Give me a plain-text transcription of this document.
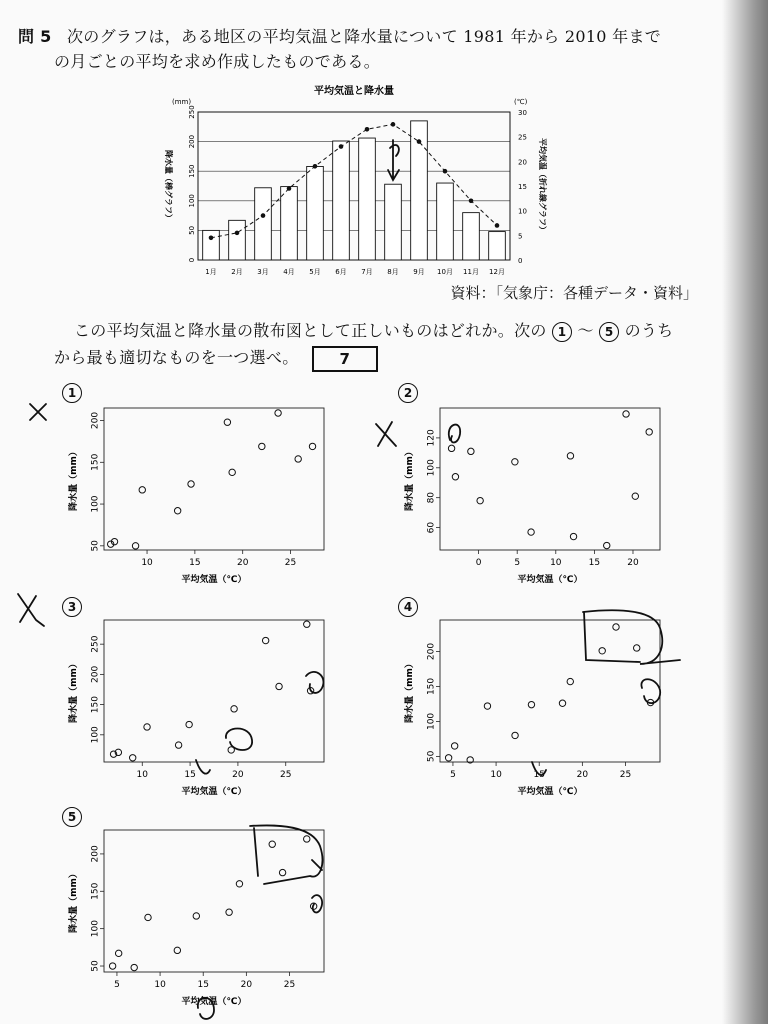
問 5 次のグラフは，ある地区の平均気温と降水量について 1981 年から 2010 年まで
の月ごとの平均を求め作成したものである。
平均気温と降水量
(mm)	(℃)
0
50
100
150
200
250
0
5
10
15
20
25
30
1月 2月 3月 4月 5月 6月 7月 8月 9月 10月 11月 12月
降水量（棒グラフ）	平均気温（折れ線グラフ）
資料：「気象庁：各種データ・資料」
この平均気温と降水量の散布図として正しいものはどれか。次の 1 ～ 5 のうち
から最も適切なものを一つ選べ。	7
1	2
3	4
5
10	15	20	25
50
100
150
200
平均気温（℃）
降水量（mm）
0	5	10	15	20
60
80
100
120
平均気温（℃）
降水量（mm）
10	15	20	25
100
150
200
250
平均気温（℃）
降水量（mm）
5	10	15	20	25
50
100
150
200
平均気温（℃）
降水量（mm）
5	10	15	20	25
50
100
150
200
平均気温（℃）
降水量（mm）
